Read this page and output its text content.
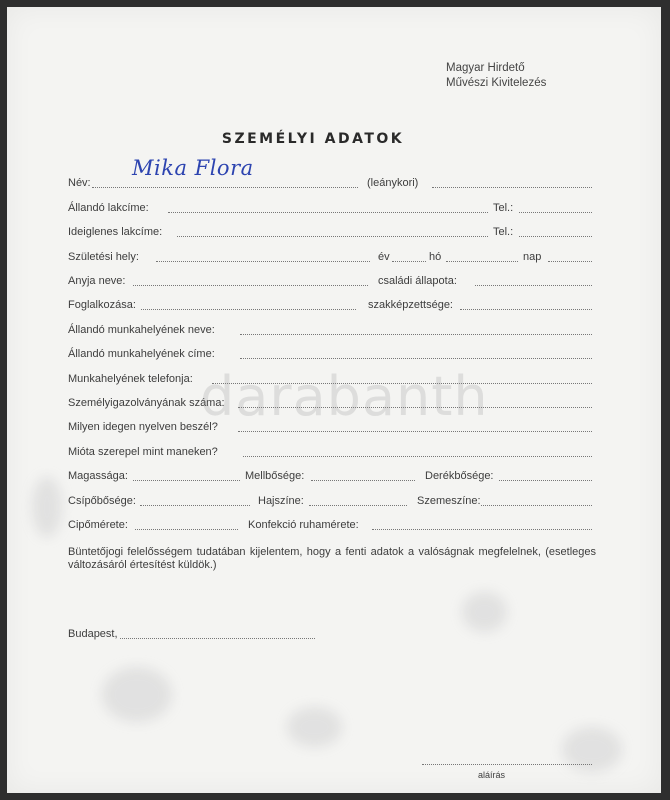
Magyar Hirdető
Művészi Kivitelezés
SZEMÉLYI ADATOK
Név:
Mika Flora
(leánykori)
Állandó lakcíme:	Tel.:
Ideiglenes lakcíme:	Tel.:
Születési hely:	év	hó	nap
Anyja neve:	családi állapota:
Foglalkozása:	szakképzettsége:
Állandó munkahelyének neve:
Állandó munkahelyének címe:
Munkahelyének telefonja:
Személyigazolványának száma:
Milyen idegen nyelven beszél?
Mióta szerepel mint maneken?
Magassága:	Mellbősége:	Derékbősége:
Csípőbősége:	Hajszíne:	Szemeszíne:
Cipőmérete:	Konfekció ruhamérete:
Büntetőjogi felelősségem tudatában kijelentem, hogy a fenti adatok a valóságnak megfelelnek, (esetleges változásáról értesítést küldök.)
Budapest,
aláírás
darabanth
